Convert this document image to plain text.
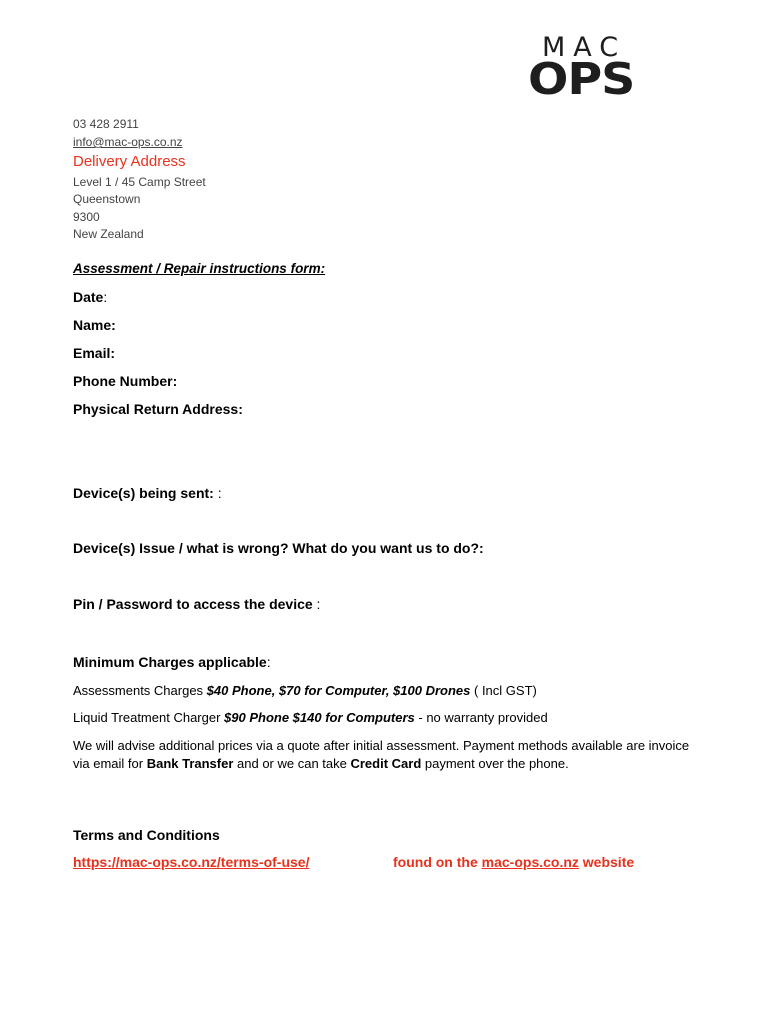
MAC
OPS
03 428 2911
info@mac-ops.co.nz
Delivery Address
Level 1 / 45 Camp Street
Queenstown
9300
New Zealand
Assessment / Repair instructions form:
Date:
Name:
Email:
Phone Number:
Physical Return Address:
Device(s) being sent: :
Device(s) Issue / what is wrong? What do you want us to do?:
Pin / Password to access the device :
Minimum Charges applicable:
Assessments Charges $40 Phone, $70 for Computer, $100 Drones ( Incl GST)
Liquid Treatment Charger $90 Phone $140 for Computers - no warranty provided
We will advise additional prices via a quote after initial assessment. Payment methods available are invoice via email for Bank Transfer and or we can take Credit Card payment over the phone.
Terms and Conditions
https://mac-ops.co.nz/terms-of-use/	found on the mac-ops.co.nz website
